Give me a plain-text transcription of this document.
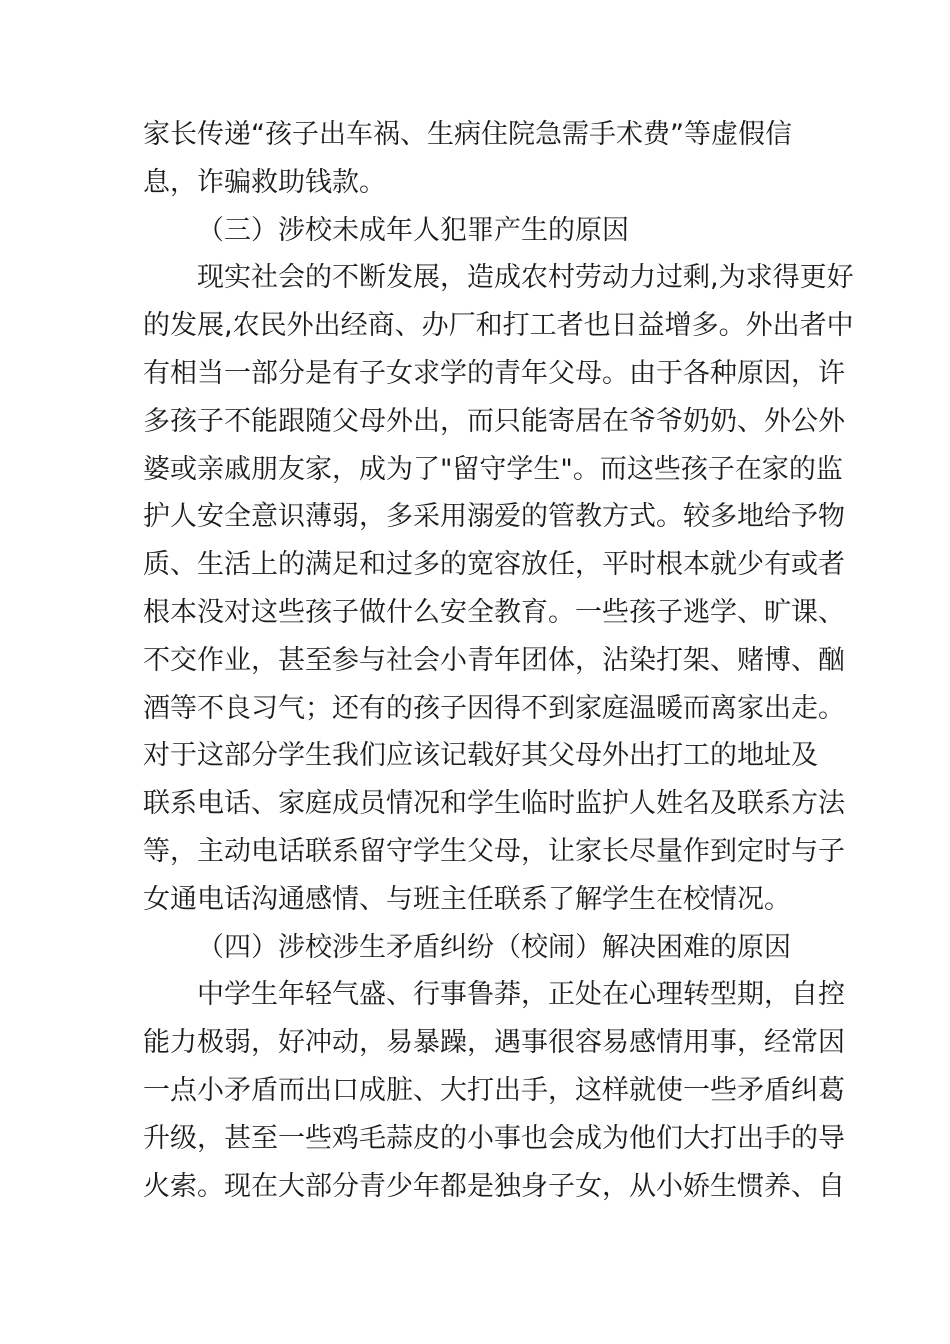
家长传递“孩子出车祸、生病住院急需手术费”等虚假信
息，诈骗救助钱款。
（三）涉校未成年人犯罪产生的原因
现实社会的不断发展，造成农村劳动力过剩,为求得更好
的发展,农民外出经商、办厂和打工者也日益增多。外出者中
有相当一部分是有子女求学的青年父母。由于各种原因，许
多孩子不能跟随父母外出，而只能寄居在爷爷奶奶、外公外
婆或亲戚朋友家，成为了"留守学生"。而这些孩子在家的监
护人安全意识薄弱，多采用溺爱的管教方式。较多地给予物
质、生活上的满足和过多的宽容放任，平时根本就少有或者
根本没对这些孩子做什么安全教育。一些孩子逃学、旷课、
不交作业，甚至参与社会小青年团体，沾染打架、赌博、酗
酒等不良习气；还有的孩子因得不到家庭温暖而离家出走。
对于这部分学生我们应该记载好其父母外出打工的地址及
联系电话、家庭成员情况和学生临时监护人姓名及联系方法
等，主动电话联系留守学生父母，让家长尽量作到定时与子
女通电话沟通感情、与班主任联系了解学生在校情况。
（四）涉校涉生矛盾纠纷（校闹）解决困难的原因
中学生年轻气盛、行事鲁莽，正处在心理转型期，自控
能力极弱，好冲动，易暴躁，遇事很容易感情用事，经常因
一点小矛盾而出口成脏、大打出手，这样就使一些矛盾纠葛
升级，甚至一些鸡毛蒜皮的小事也会成为他们大打出手的导
火索。现在大部分青少年都是独身子女，从小娇生惯养、自
